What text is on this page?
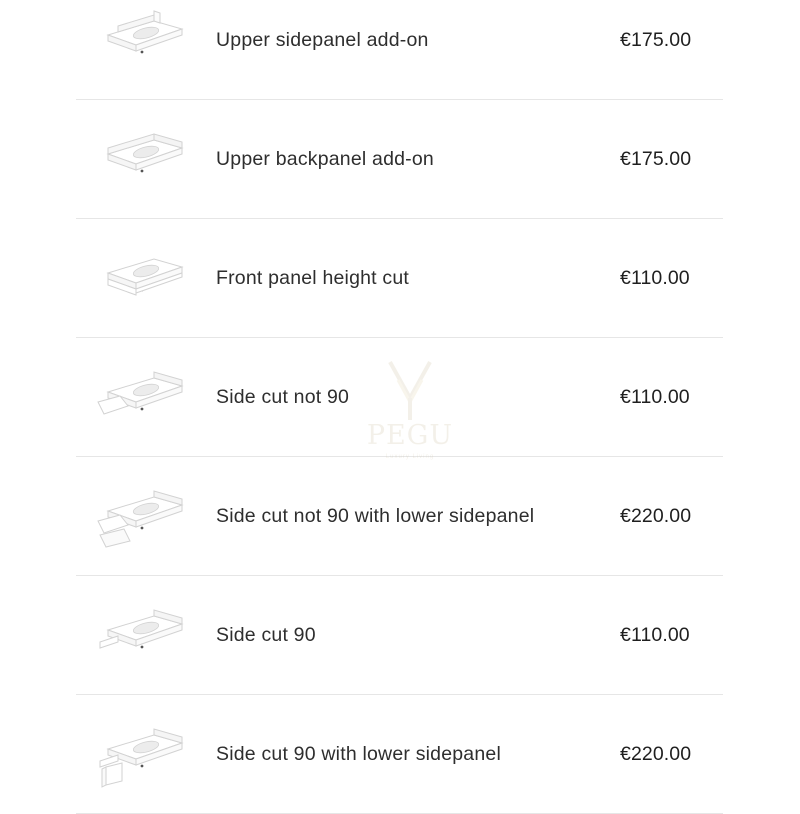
Upper sidepanel add-on	€175.00
Upper backpanel add-on	€175.00
Front panel height cut	€110.00
Side cut not 90	€110.00
Side cut not 90 with lower sidepanel	€220.00
Side cut 90	€110.00
Side cut 90 with lower sidepanel	€220.00
PEGU
Luxury Living
